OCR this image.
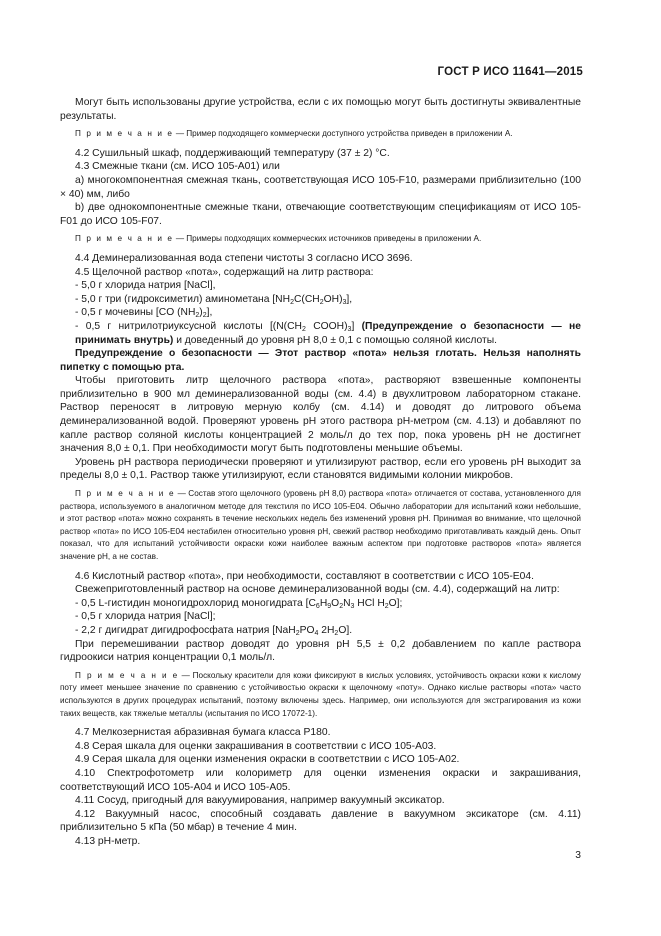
ГОСТ Р ИСО 11641—2015

Могут быть использованы другие устройства, если с их помощью могут быть достигнуты эквивалентные результаты.

П р и м е ч а н и е — Пример подходящего коммерчески доступного устройства приведен в приложении А.

4.2 Сушильный шкаф, поддерживающий температуру (37 ± 2) °С.

4.3 Смежные ткани (см. ИСО 105-А01) или

а) многокомпонентная смежная ткань, соответствующая ИСО 105-F10, размерами приблизительно (100 × 40) мм, либо

b) две однокомпонентные смежные ткани, отвечающие соответствующим спецификациям от ИСО 105-F01 до ИСО 105-F07.

П р и м е ч а н и е — Примеры подходящих коммерческих источников приведены в приложении А.

4.4 Деминерализованная вода степени чистоты 3 согласно ИСО 3696.

4.5 Щелочной раствор «пота», содержащий на литр раствора:

- 5,0 г хлорида натрия [NaCl],

- 5,0 г три (гидроксиметил) аминометана $[NH_2C(CH_2OH)_3]$,

- 0,5 г мочевины [CO $(NH_2)_2$],

- 0,5 г нитрилотриуксусной кислоты [($N(CH_2$ $COOH)_3$] (Предупреждение о безопасности — не принимать внутрь) и доведенный до уровня pH 8,0 ± 0,1 с помощью соляной кислоты.

Предупреждение о безопасности — Этот раствор «пота» нельзя глотать. Нельзя наполнять пипетку с помощью рта.

Чтобы приготовить литр щелочного раствора «пота», растворяют взвешенные компоненты приблизительно в 900 мл деминерализованной воды (см. 4.4) в двухлитровом лабораторном стакане. Раствор переносят в литровую мерную колбу (см. 4.14) и доводят до литрового объема деминерализованной водой. Проверяют уровень pH этого раствора pH-метром (см. 4.13) и добавляют по капле раствор соляной кислоты концентрацией 2 моль/л до тех пор, пока уровень pH не достигнет значения 8,0 ± 0,1. При необходимости могут быть подготовлены меньшие объемы.

Уровень pH раствора периодически проверяют и утилизируют раствор, если его уровень pH выходит за пределы 8,0 ± 0,1. Раствор также утилизируют, если становятся видимыми колонии микробов.

П р и м е ч а н и е — Состав этого щелочного (уровень pH 8,0) раствора «пота» отличается от состава, установленного для раствора, используемого в аналогичном методе для текстиля по ИСО 105-Е04. Обычно лаборатории для испытаний кожи небольшие, и этот раствор «пота» можно сохранять в течение нескольких недель без изменений уровня pH. Принимая во внимание, что щелочной раствор «пота» по ИСО 105-Е04 нестабилен относительно уровня pH, свежий раствор необходимо приготавливать каждый день. Опыт показал, что для испытаний устойчивости окраски кожи наиболее важным аспектом при подготовке растворов «пота» является значение pH, а не состав.

4.6 Кислотный раствор «пота», при необходимости, составляют в соответствии с ИСО 105-Е04.

Свежеприготовленный раствор на основе деминерализованной воды (см. 4.4), содержащий на литр:

- 0,5 L-гистидин моногидрохлорид моногидрата [$C_6H_9O_2N_3$ HCl $H_2O$];

- 0,5 г хлорида натрия [NaCl];

- 2,2 г дигидрат дигидрофосфата натрия [$NaH_2PO_4$ $2H_2O$].

При перемешивании раствор доводят до уровня pH 5,5 ± 0,2 добавлением по капле раствора гидроокиси натрия концентрации 0,1 моль/л.

П р и м е ч а н и е — Поскольку красители для кожи фиксируют в кислых условиях, устойчивость окраски кожи к кислому поту имеет меньшее значение по сравнению с устойчивостью окраски к щелочному «поту». Однако кислые растворы «пота» часто используются в других процедурах испытаний, поэтому включены здесь. Например, они используются для экстрагирования из кожи таких веществ, как тяжелые металлы (испытания по ИСО 17072-1).

4.7 Мелкозернистая абразивная бумага класса Р180.

4.8 Серая шкала для оценки закрашивания в соответствии с ИСО 105-А03.

4.9 Серая шкала для оценки изменения окраски в соответствии с ИСО 105-А02.

4.10 Спектрофотометр или колориметр для оценки изменения окраски и закрашивания, соответствующий ИСО 105-А04 и ИСО 105-А05.

4.11 Сосуд, пригодный для вакуумирования, например вакуумный эксикатор.

4.12 Вакуумный насос, способный создавать давление в вакуумном эксикаторе (см. 4.11) приблизительно 5 кПа (50 мбар) в течение 4 мин.

4.13 pH-метр.

3
